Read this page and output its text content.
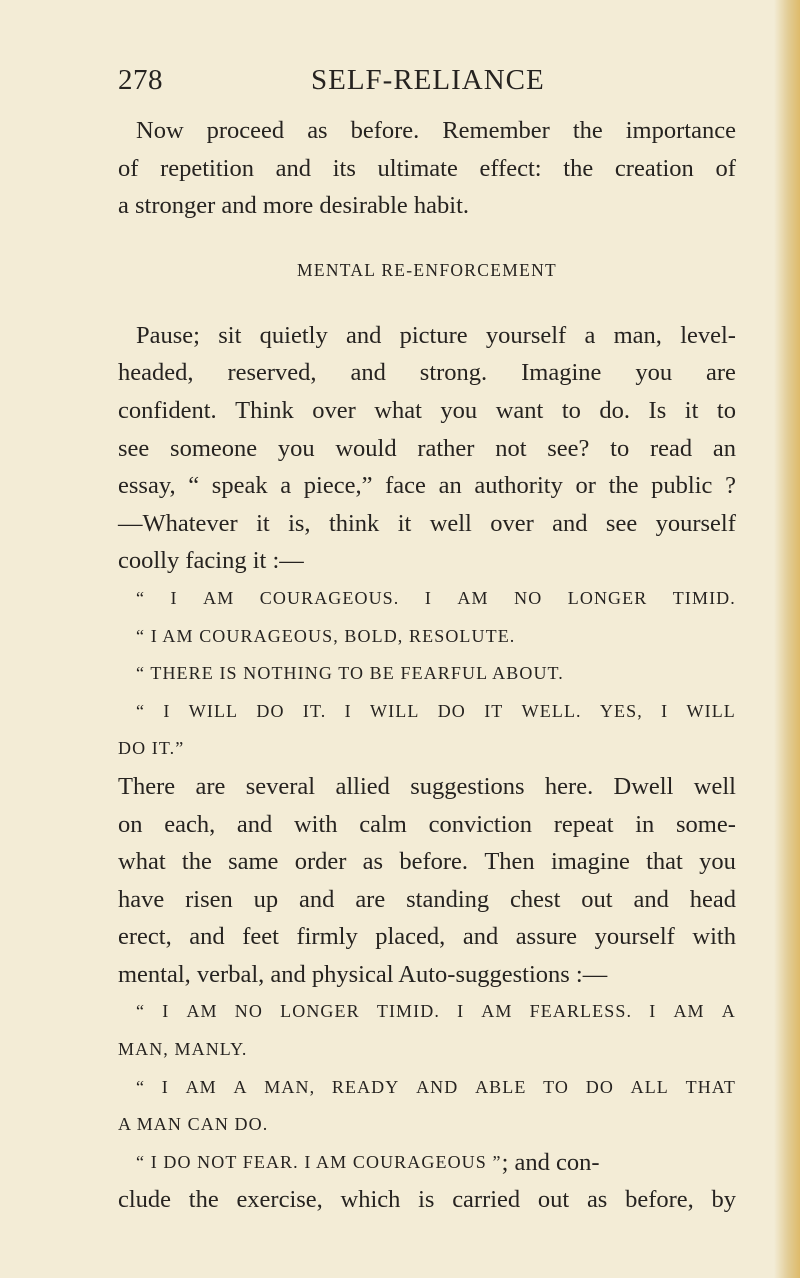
278	SELF-RELIANCE
Now proceed as before. Remember the importance
of repetition and its ultimate effect: the creation of
a stronger and more desirable habit.
MENTAL RE-ENFORCEMENT
Pause; sit quietly and picture yourself a man, level-
headed, reserved, and strong. Imagine you are
confident. Think over what you want to do. Is it to
see someone you would rather not see? to read an
essay, “ speak a piece,” face an authority or the public ?
—Whatever it is, think it well over and see yourself
coolly facing it :—
“ I AM COURAGEOUS. I AM NO LONGER TIMID.
“ I AM COURAGEOUS, BOLD, RESOLUTE.
“ THERE IS NOTHING TO BE FEARFUL ABOUT.
“ I WILL DO IT. I WILL DO IT WELL. YES, I WILL
DO IT.”
There are several allied suggestions here. Dwell well
on each, and with calm conviction repeat in some-
what the same order as before. Then imagine that you
have risen up and are standing chest out and head
erect, and feet firmly placed, and assure yourself with
mental, verbal, and physical Auto-suggestions :—
“ I AM NO LONGER TIMID. I AM FEARLESS. I AM A
MAN, MANLY.
“ I AM A MAN, READY AND ABLE TO DO ALL THAT
A MAN CAN DO.
“ I DO NOT FEAR. I AM COURAGEOUS ” ; and con-
clude the exercise, which is carried out as before, by
